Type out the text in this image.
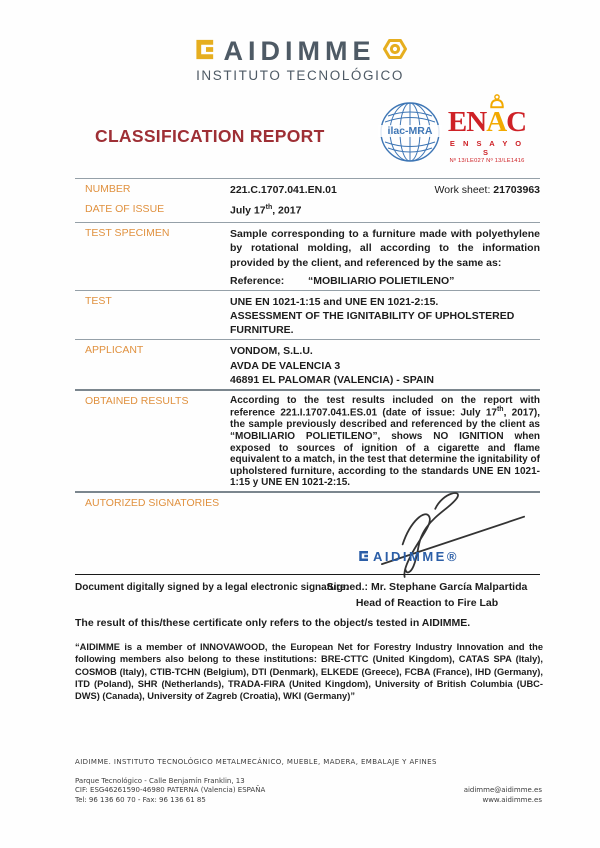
AIDIMME
INSTITUTO TECNOLÓGICO
CLASSIFICATION REPORT	ilac-MRA ENAC
E N S A Y O S
Nº 13/LE027 Nº 13/LE1416
NUMBER	221.C.1707.041.EN.01	Work sheet: 21703963
DATE OF ISSUE	July 17th, 2017
TEST SPECIMEN	Sample corresponding to a furniture made with polyethylene by rotational molding, all according to the information provided by the client, and referenced by the same as:
Reference: “MOBILIARIO POLIETILENO”
TEST	UNE EN 1021-1:15 and UNE EN 1021-2:15.
ASSESSMENT OF THE IGNITABILITY OF UPHOLSTERED FURNITURE.
APPLICANT	VONDOM, S.L.U.
AVDA DE VALENCIA 3
46891 EL PALOMAR (VALENCIA) - SPAIN
OBTAINED RESULTS	According to the test results included on the report with reference 221.I.1707.041.ES.01 (date of issue: July 17th, 2017), the sample previously described and referenced by the client as “MOBILIARIO POLIETILENO”, shows NO IGNITION when exposed to sources of ignition of a cigarette and flame equivalent to a match, in the test that determine the ignitability of upholstered furniture, according to the standards UNE EN 1021-1:15 y UNE EN 1021-2:15.
AUTORIZED SIGNATORIES
AIDIMME®
Signed.: Mr. Stephane García Malpartida
Head of Reaction to Fire Lab
Document digitally signed by a legal electronic signature.
The result of this/these certificate only refers to the object/s tested in AIDIMME.
“AIDIMME is a member of INNOVAWOOD, the European Net for Forestry Industry Innovation and the following members also belong to these institutions: BRE-CTTC (United Kingdom), CATAS SPA (Italy), COSMOB (Italy), CTIB-TCHN (Belgium), DTI (Denmark), ELKEDE (Greece), FCBA (France), IHD (Germany), ITD (Poland), SHR (Netherlands), TRADA-FIRA (United Kingdom), University of British Columbia (UBC-DWS) (Canada), University of Zagreb (Croatia), WKI (Germany)”
AIDIMME. INSTITUTO TECNOLÓGICO METALMECÁNICO, MUEBLE, MADERA, EMBALAJE Y AFINES
Parque Tecnológico - Calle Benjamín Franklin, 13
CIF: ESG46261590-46980 PATERNA (Valencia) ESPAÑA
Tel: 96 136 60 70 - Fax: 96 136 61 85
aidimme@aidimme.es
www.aidimme.es
